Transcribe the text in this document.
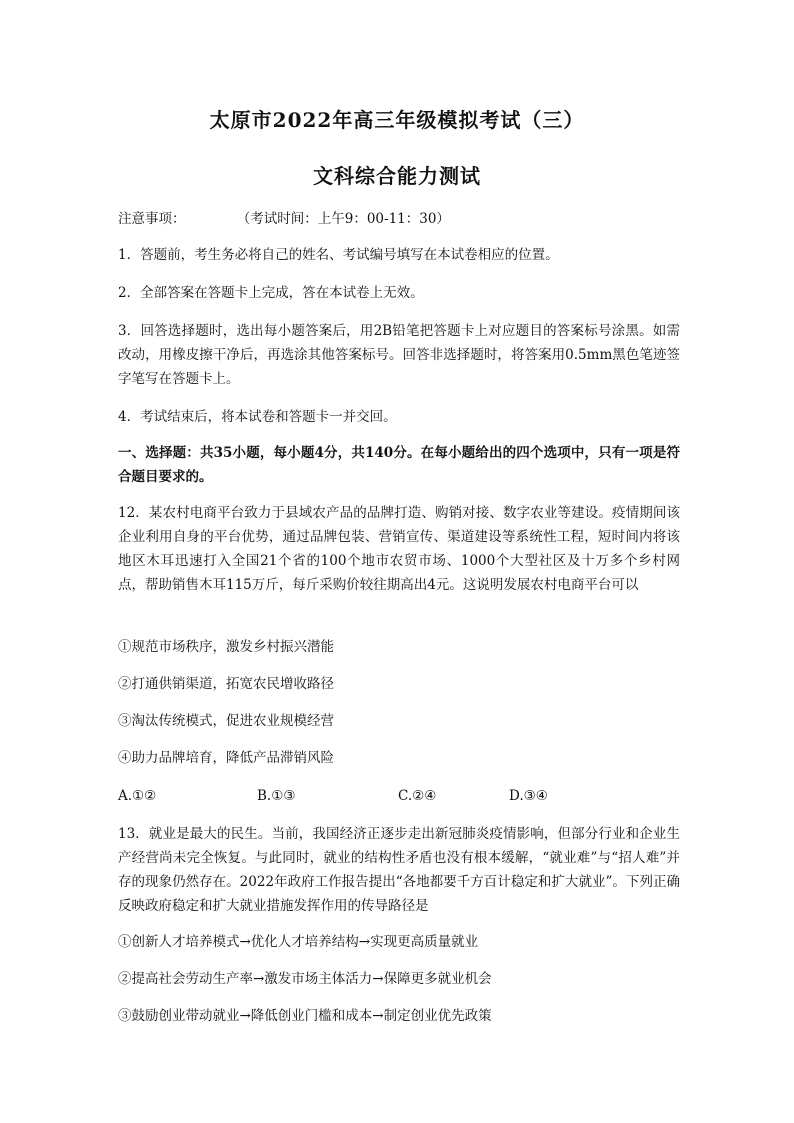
太原市2022年高三年级模拟考试（三）
文科综合能力测试
注意事项：	（考试时间：上午9：00-11：30）
1．答题前，考生务必将自己的姓名、考试编号填写在本试卷相应的位置。
2．全部答案在答题卡上完成，答在本试卷上无效。
3．回答选择题时，选出每小题答案后，用2B铅笔把答题卡上对应题目的答案标号涂黑。如需改动，用橡皮擦干净后，再选涂其他答案标号。回答非选择题时，将答案用0.5mm黑色笔迹签字笔写在答题卡上。
4．考试结束后，将本试卷和答题卡一并交回。
一、选择题：共35小题，每小题4分，共140分。在每小题给出的四个选项中，只有一项是符合题目要求的。
12．某农村电商平台致力于县域农产品的品牌打造、购销对接、数字农业等建设。疫情期间该企业利用自身的平台优势，通过品牌包装、营销宣传、渠道建设等系统性工程，短时间内将该地区木耳迅速打入全国21个省的100个地市农贸市场、1000个大型社区及十万多个乡村网点，帮助销售木耳115万斤，每斤采购价较往期高出4元。这说明发展农村电商平台可以
①规范市场秩序，激发乡村振兴潜能
②打通供销渠道，拓宽农民增收路径
③淘汰传统模式，促进农业规模经营
④助力品牌培育，降低产品滞销风险
A.①②	B.①③	C.②④	D.③④
13．就业是最大的民生。当前，我国经济正逐步走出新冠肺炎疫情影响，但部分行业和企业生产经营尚未完全恢复。与此同时，就业的结构性矛盾也没有根本缓解，“就业难”与“招人难”并存的现象仍然存在。2022年政府工作报告提出“各地都要千方百计稳定和扩大就业”。下列正确反映政府稳定和扩大就业措施发挥作用的传导路径是
①创新人才培养模式→优化人才培养结构→实现更高质量就业
②提高社会劳动生产率→激发市场主体活力→保障更多就业机会
③鼓励创业带动就业→降低创业门槛和成本→制定创业优先政策
